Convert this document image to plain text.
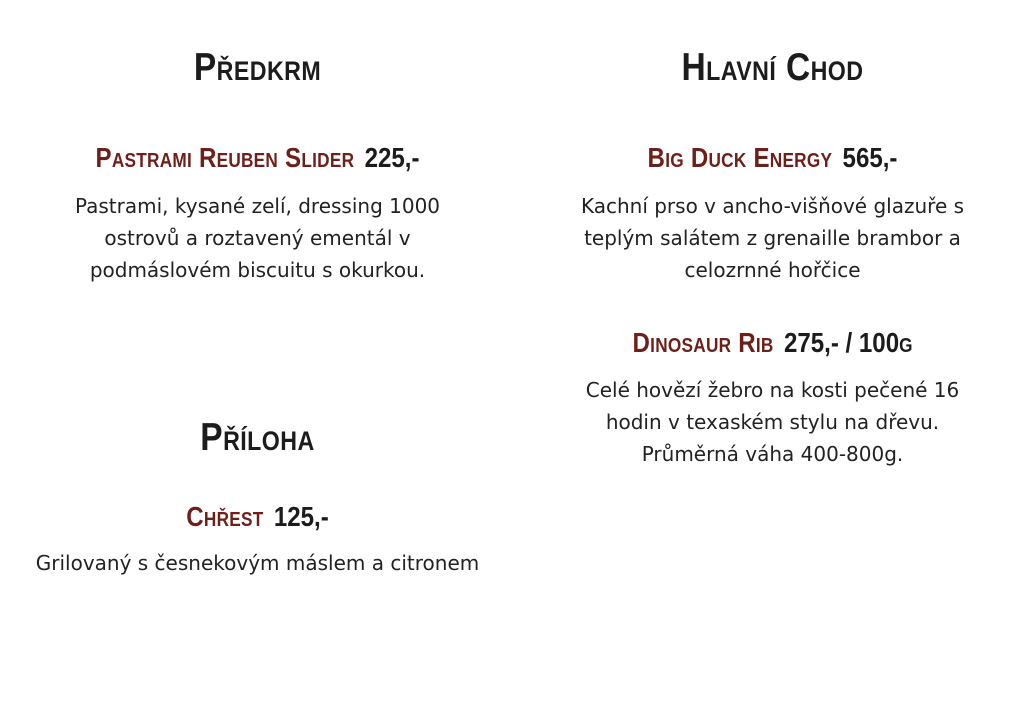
Předkrm
Pastrami Reuben Slider 225,-
Pastrami, kysané zelí, dressing 1000
ostrovů a roztavený ementál v
podmáslovém biscuitu s okurkou.
Příloha
Chřest 125,-
Grilovaný s česnekovým máslem a citronem
Hlavní Chod
Big Duck Energy 565,-
Kachní prso v ancho-višňové glazuře s
teplým salátem z grenaille brambor a
celozrnné hořčice
Dinosaur Rib 275,- / 100g
Celé hovězí žebro na kosti pečené 16
hodin v texaském stylu na dřevu.
Průměrná váha 400-800g.
